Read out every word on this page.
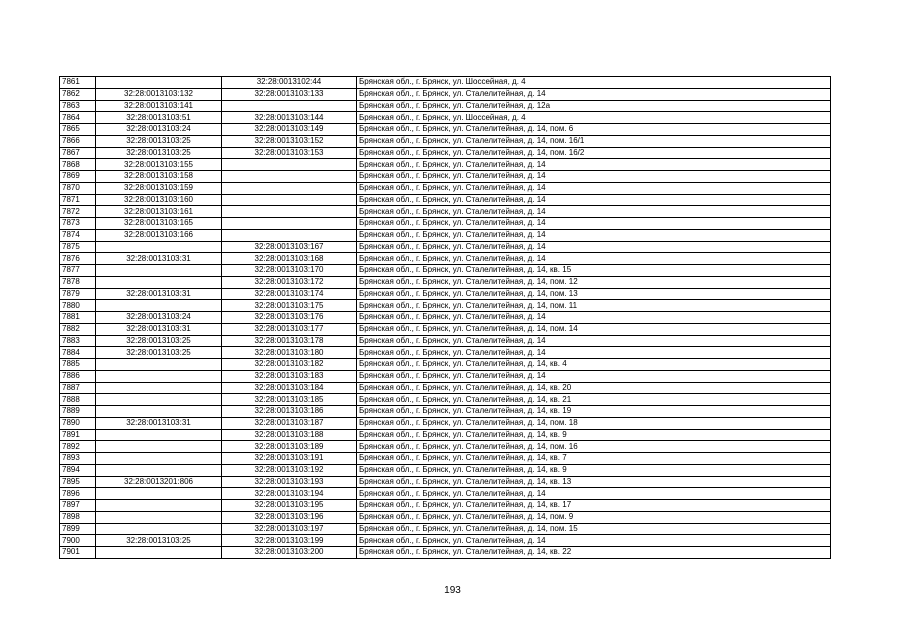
7861		32:28:0013102:44	Брянская обл., г. Брянск, ул. Шоссейная, д. 4
7862	32:28:0013103:132	32:28:0013103:133	Брянская обл., г. Брянск, ул. Сталелитейная, д. 14
7863	32:28:0013103:141		Брянская обл., г. Брянск, ул. Сталелитейная, д. 12а
7864	32:28:0013103:51	32:28:0013103:144	Брянская обл., г. Брянск, ул. Шоссейная, д. 4
7865	32:28:0013103:24	32:28:0013103:149	Брянская обл., г. Брянск, ул. Сталелитейная, д. 14, пом. 6
7866	32:28:0013103:25	32:28:0013103:152	Брянская обл., г. Брянск, ул. Сталелитейная, д. 14, пом. 16/1
7867	32:28:0013103:25	32:28:0013103:153	Брянская обл., г. Брянск, ул. Сталелитейная, д. 14, пом. 16/2
7868	32:28:0013103:155		Брянская обл., г. Брянск, ул. Сталелитейная, д. 14
7869	32:28:0013103:158		Брянская обл., г. Брянск, ул. Сталелитейная, д. 14
7870	32:28:0013103:159		Брянская обл., г. Брянск, ул. Сталелитейная, д. 14
7871	32:28:0013103:160		Брянская обл., г. Брянск, ул. Сталелитейная, д. 14
7872	32:28:0013103:161		Брянская обл., г. Брянск, ул. Сталелитейная, д. 14
7873	32:28:0013103:165		Брянская обл., г. Брянск, ул. Сталелитейная, д. 14
7874	32:28:0013103:166		Брянская обл., г. Брянск, ул. Сталелитейная, д. 14
7875		32:28:0013103:167	Брянская обл., г. Брянск, ул. Сталелитейная, д. 14
7876	32:28:0013103:31	32:28:0013103:168	Брянская обл., г. Брянск, ул. Сталелитейная, д. 14
7877		32:28:0013103:170	Брянская обл., г. Брянск, ул. Сталелитейная, д. 14, кв. 15
7878		32:28:0013103:172	Брянская обл., г. Брянск, ул. Сталелитейная, д. 14, пом. 12
7879	32:28:0013103:31	32:28:0013103:174	Брянская обл., г. Брянск, ул. Сталелитейная, д. 14, пом. 13
7880		32:28:0013103:175	Брянская обл., г. Брянск, ул. Сталелитейная, д. 14, пом. 11
7881	32:28:0013103:24	32:28:0013103:176	Брянская обл., г. Брянск, ул. Сталелитейная, д. 14
7882	32:28:0013103:31	32:28:0013103:177	Брянская обл., г. Брянск, ул. Сталелитейная, д. 14, пом. 14
7883	32:28:0013103:25	32:28:0013103:178	Брянская обл., г. Брянск, ул. Сталелитейная, д. 14
7884	32:28:0013103:25	32:28:0013103:180	Брянская обл., г. Брянск, ул. Сталелитейная, д. 14
7885		32:28:0013103:182	Брянская обл., г. Брянск, ул. Сталелитейная, д. 14, кв. 4
7886		32:28:0013103:183	Брянская обл., г. Брянск, ул. Сталелитейная, д. 14
7887		32:28:0013103:184	Брянская обл., г. Брянск, ул. Сталелитейная, д. 14, кв. 20
7888		32:28:0013103:185	Брянская обл., г. Брянск, ул. Сталелитейная, д. 14, кв. 21
7889		32:28:0013103:186	Брянская обл., г. Брянск, ул. Сталелитейная, д. 14, кв. 19
7890	32:28:0013103:31	32:28:0013103:187	Брянская обл., г. Брянск, ул. Сталелитейная, д. 14, пом. 18
7891		32:28:0013103:188	Брянская обл., г. Брянск, ул. Сталелитейная, д. 14, кв. 9
7892		32:28:0013103:189	Брянская обл., г. Брянск, ул. Сталелитейная, д. 14, пом. 16
7893		32:28:0013103:191	Брянская обл., г. Брянск, ул. Сталелитейная, д. 14, кв. 7
7894		32:28:0013103:192	Брянская обл., г. Брянск, ул. Сталелитейная, д. 14, кв. 9
7895	32:28:0013201:806	32:28:0013103:193	Брянская обл., г. Брянск, ул. Сталелитейная, д. 14, кв. 13
7896		32:28:0013103:194	Брянская обл., г. Брянск, ул. Сталелитейная, д. 14
7897		32:28:0013103:195	Брянская обл., г. Брянск, ул. Сталелитейная, д. 14, кв. 17
7898		32:28:0013103:196	Брянская обл., г. Брянск, ул. Сталелитейная, д. 14, пом. 9
7899		32:28:0013103:197	Брянская обл., г. Брянск, ул. Сталелитейная, д. 14, пом. 15
7900	32:28:0013103:25	32:28:0013103:199	Брянская обл., г. Брянск, ул. Сталелитейная, д. 14
7901		32:28:0013103:200	Брянская обл., г. Брянск, ул. Сталелитейная, д. 14, кв. 22
193
